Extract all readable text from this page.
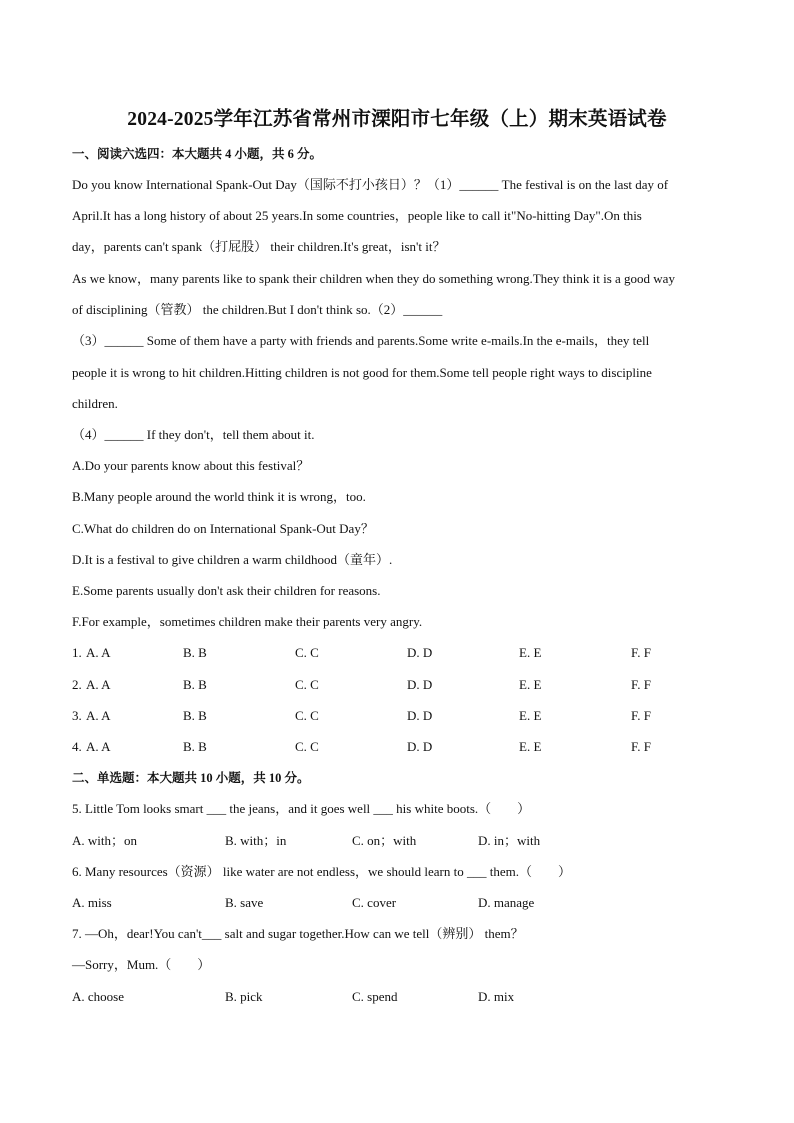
2024-2025学年江苏省常州市溧阳市七年级（上）期末英语试卷
一、阅读六选四：本大题共 4 小题，共 6 分。
Do you know International Spank-Out Day（国际不打小孩日）？（1）______ The festival is on the last day of
April.It has a long history of about 25 years.In some countries，people like to call it"No-hitting Day".On this
day，parents can't spank（打屁股） their children.It's great，isn't it？
As we know，many parents like to spank their children when they do something wrong.They think it is a good way
of disciplining（管教） the children.But I don't think so.（2）______
（3）______ Some of them have a party with friends and parents.Some write e-mails.In the e-mails，they tell
people it is wrong to hit children.Hitting children is not good for them.Some tell people right ways to discipline
children.
（4）______ If they don't，tell them about it.
A.Do your parents know about this festival？
B.Many people around the world think it is wrong，too.
C.What do children do on International Spank-Out Day？
D.It is a festival to give children a warm childhood（童年）.
E.Some parents usually don't ask their children for reasons.
F.For example，sometimes children make their parents very angry.
1. A. A	B. B	C. C	D. D	E. E	F. F
2. A. A	B. B	C. C	D. D	E. E	F. F
3. A. A	B. B	C. C	D. D	E. E	F. F
4. A. A	B. B	C. C	D. D	E. E	F. F
二、单选题：本大题共 10 小题，共 10 分。
5. Little Tom looks smart ___ the jeans，and it goes well ___ his white boots.（　　）
A. with；on	B. with；in	C. on；with	D. in；with
6. Many resources（资源） like water are not endless，we should learn to ___ them.（　　）
A. miss	B. save	C. cover	D. manage
7. —Oh，dear!You can't___ salt and sugar together.How can we tell（辨别） them？
—Sorry，Mum.（　　）
A. choose	B. pick	C. spend	D. mix
